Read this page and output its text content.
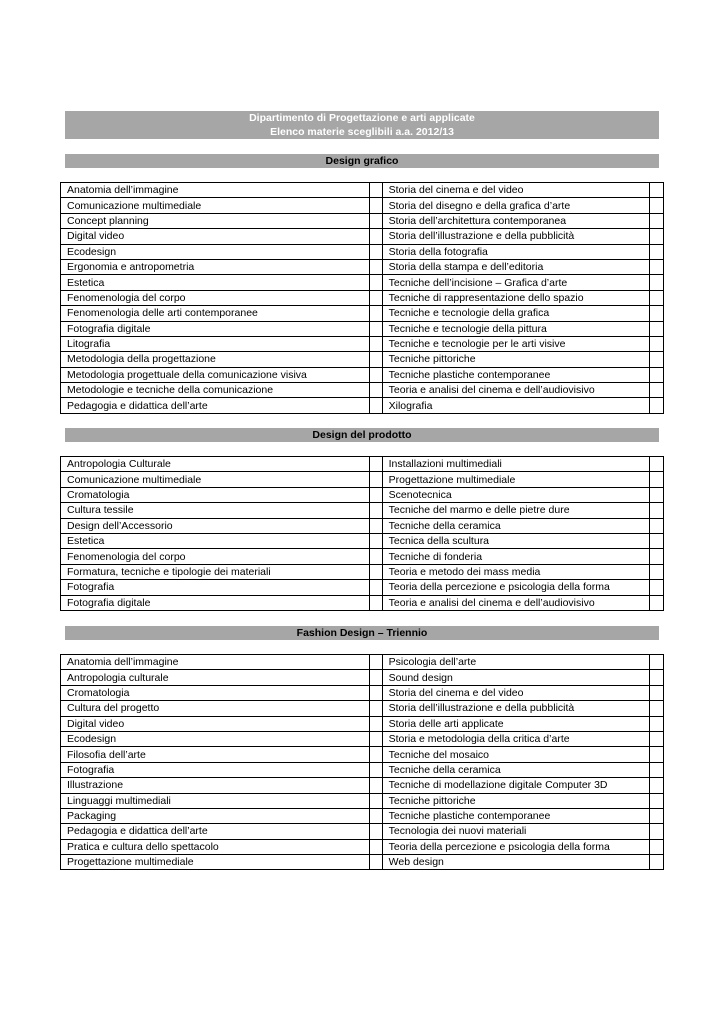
Dipartimento di Progettazione e arti applicate
Elenco materie sceglibili a.a. 2012/13
Design grafico
Anatomia dell’immagine		Storia del cinema e del video	
Comunicazione multimediale		Storia del disegno e della grafica d’arte	
Concept planning		Storia dell’architettura contemporanea	
Digital video		Storia dell’illustrazione e della pubblicità	
Ecodesign		Storia della fotografia	
Ergonomia e antropometria		Storia della stampa e dell’editoria	
Estetica		Tecniche dell’incisione – Grafica d’arte	
Fenomenologia del corpo		Tecniche di rappresentazione dello spazio	
Fenomenologia delle arti contemporanee		Tecniche e tecnologie della grafica	
Fotografia digitale		Tecniche e tecnologie della pittura	
Litografia		Tecniche e tecnologie per le arti visive	
Metodologia della progettazione		Tecniche pittoriche	
Metodologia progettuale della comunicazione visiva		Tecniche plastiche contemporanee	
Metodologie e tecniche della comunicazione		Teoria e analisi del cinema e dell’audiovisivo	
Pedagogia e didattica dell’arte		Xilografia	
Design del prodotto
Antropologia Culturale		Installazioni multimediali	
Comunicazione multimediale		Progettazione multimediale	
Cromatologia		Scenotecnica	
Cultura tessile		Tecniche del marmo e delle pietre dure	
Design dell’Accessorio		Tecniche della ceramica	
Estetica		Tecnica della scultura	
Fenomenologia del corpo		Tecniche di fonderia	
Formatura, tecniche e tipologie dei materiali		Teoria e metodo dei mass media	
Fotografia		Teoria della percezione e psicologia della forma	
Fotografia digitale		Teoria e analisi del cinema e dell’audiovisivo	
Fashion Design – Triennio
Anatomia dell’immagine		Psicologia dell’arte	
Antropologia culturale		Sound design	
Cromatologia		Storia del cinema e del video	
Cultura del progetto		Storia dell’illustrazione e della pubblicità	
Digital video		Storia delle arti applicate	
Ecodesign		Storia e metodologia della critica d’arte	
Filosofia dell’arte		Tecniche del mosaico	
Fotografia		Tecniche della ceramica	
Illustrazione		Tecniche di modellazione digitale Computer 3D	
Linguaggi multimediali		Tecniche pittoriche	
Packaging		Tecniche plastiche contemporanee	
Pedagogia e didattica dell’arte		Tecnologia dei nuovi materiali	
Pratica e cultura dello spettacolo		Teoria della percezione e psicologia della forma	
Progettazione multimediale		Web design	
